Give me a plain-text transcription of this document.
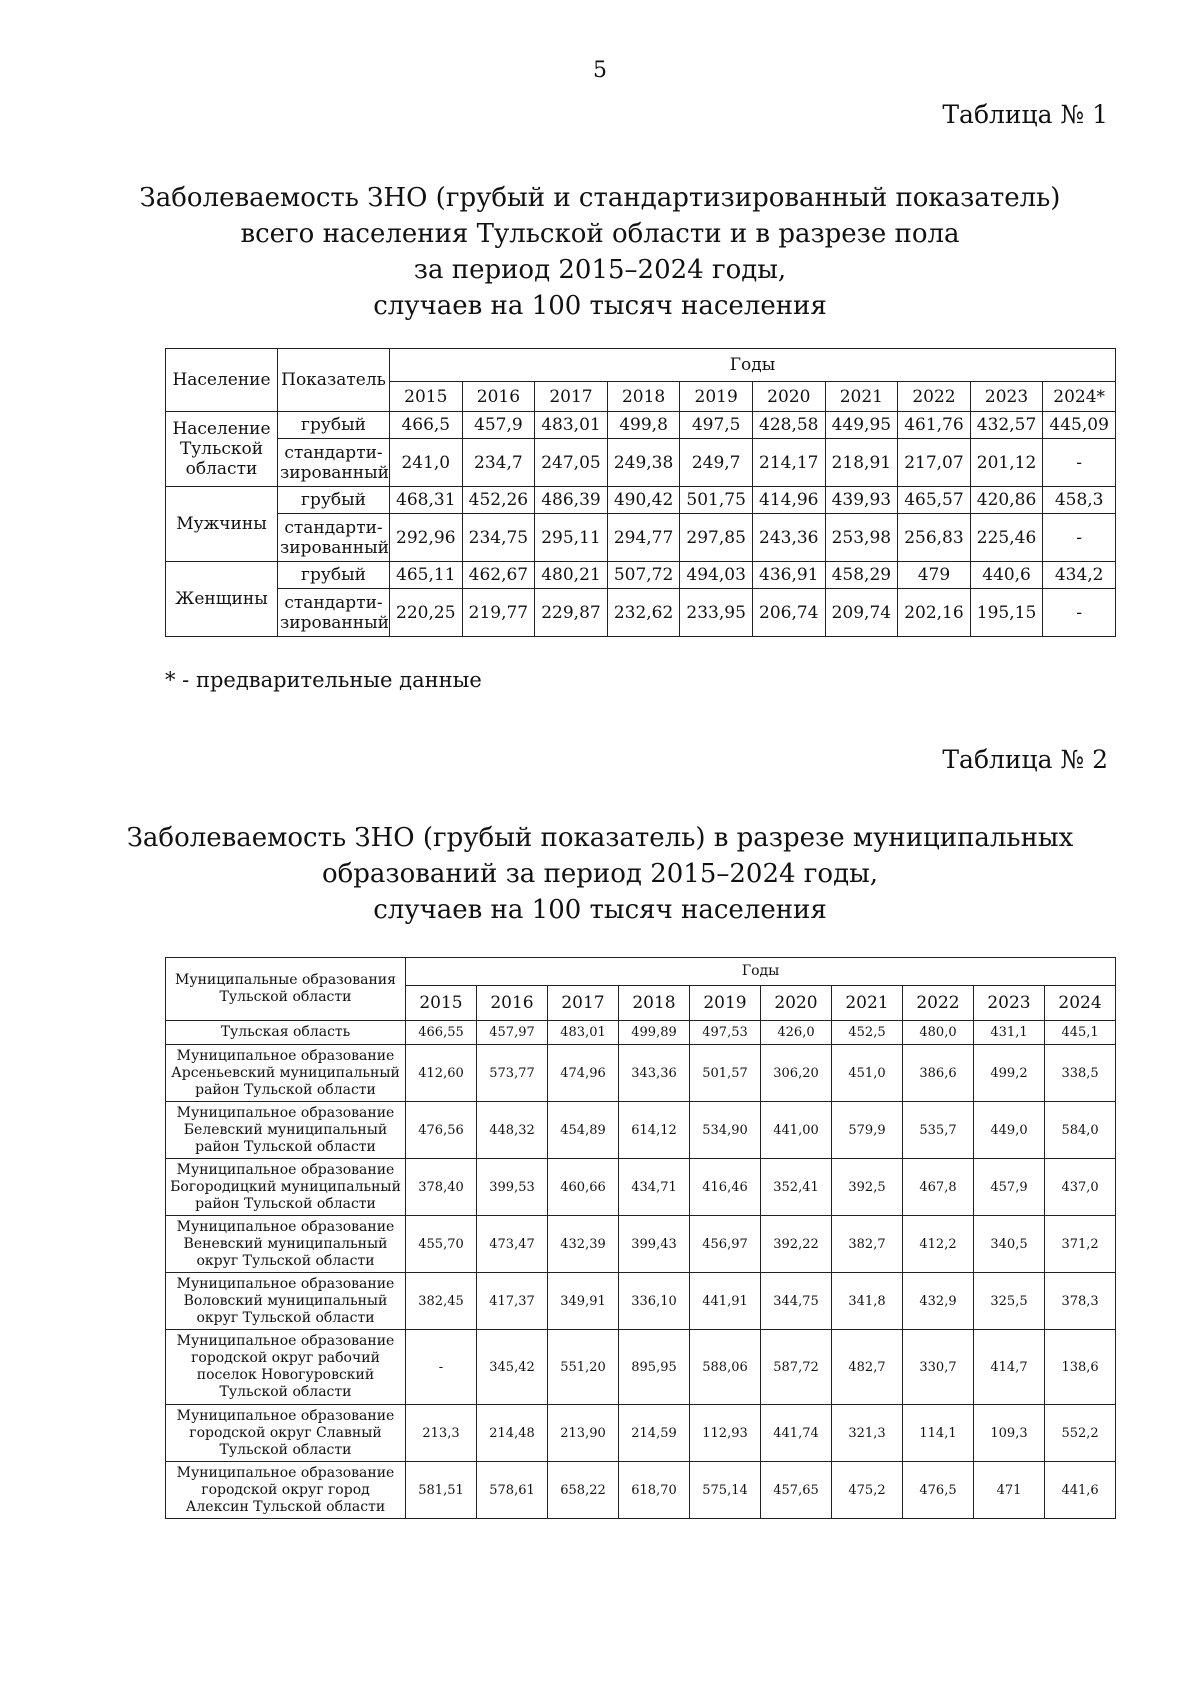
5
Таблица № 1
Заболеваемость ЗНО (грубый и стандартизированный показатель)
всего населения Тульской области и в разрезе пола
за период 2015–2024 годы,
случаев на 100 тысяч населения
Население	Показатель	Годы									
		2015	2016	2017	2018	2019	2020	2021	2022	2023	2024*
Население Тульской области	грубый	466,5	457,9	483,01	499,8	497,5	428,58	449,95	461,76	432,57	445,09
	стандарти-зированный	241,0	234,7	247,05	249,38	249,7	214,17	218,91	217,07	201,12	-
Мужчины	грубый	468,31	452,26	486,39	490,42	501,75	414,96	439,93	465,57	420,86	458,3
	стандарти-зированный	292,96	234,75	295,11	294,77	297,85	243,36	253,98	256,83	225,46	-
Женщины	грубый	465,11	462,67	480,21	507,72	494,03	436,91	458,29	479	440,6	434,2
	стандарти-зированный	220,25	219,77	229,87	232,62	233,95	206,74	209,74	202,16	195,15	-
* - предварительные данные
Таблица № 2
Заболеваемость ЗНО (грубый показатель) в разрезе муниципальных
образований за период 2015–2024 годы,
случаев на 100 тысяч населения
Муниципальные образования Тульской области	Годы									
	2015	2016	2017	2018	2019	2020	2021	2022	2023	2024
Тульская область	466,55	457,97	483,01	499,89	497,53	426,0	452,5	480,0	431,1	445,1
Муниципальное образование Арсеньевский муниципальный район Тульской области	412,60	573,77	474,96	343,36	501,57	306,20	451,0	386,6	499,2	338,5
Муниципальное образование Белевский муниципальный район Тульской области	476,56	448,32	454,89	614,12	534,90	441,00	579,9	535,7	449,0	584,0
Муниципальное образование Богородицкий муниципальный район Тульской области	378,40	399,53	460,66	434,71	416,46	352,41	392,5	467,8	457,9	437,0
Муниципальное образование Веневский муниципальный округ Тульской области	455,70	473,47	432,39	399,43	456,97	392,22	382,7	412,2	340,5	371,2
Муниципальное образование Воловский муниципальный округ Тульской области	382,45	417,37	349,91	336,10	441,91	344,75	341,8	432,9	325,5	378,3
Муниципальное образование городской округ рабочий поселок Новогуровский Тульской области	-	345,42	551,20	895,95	588,06	587,72	482,7	330,7	414,7	138,6
Муниципальное образование городской округ Славный Тульской области	213,3	214,48	213,90	214,59	112,93	441,74	321,3	114,1	109,3	552,2
Муниципальное образование городской округ город Алексин Тульской области	581,51	578,61	658,22	618,70	575,14	457,65	475,2	476,5	471	441,6
